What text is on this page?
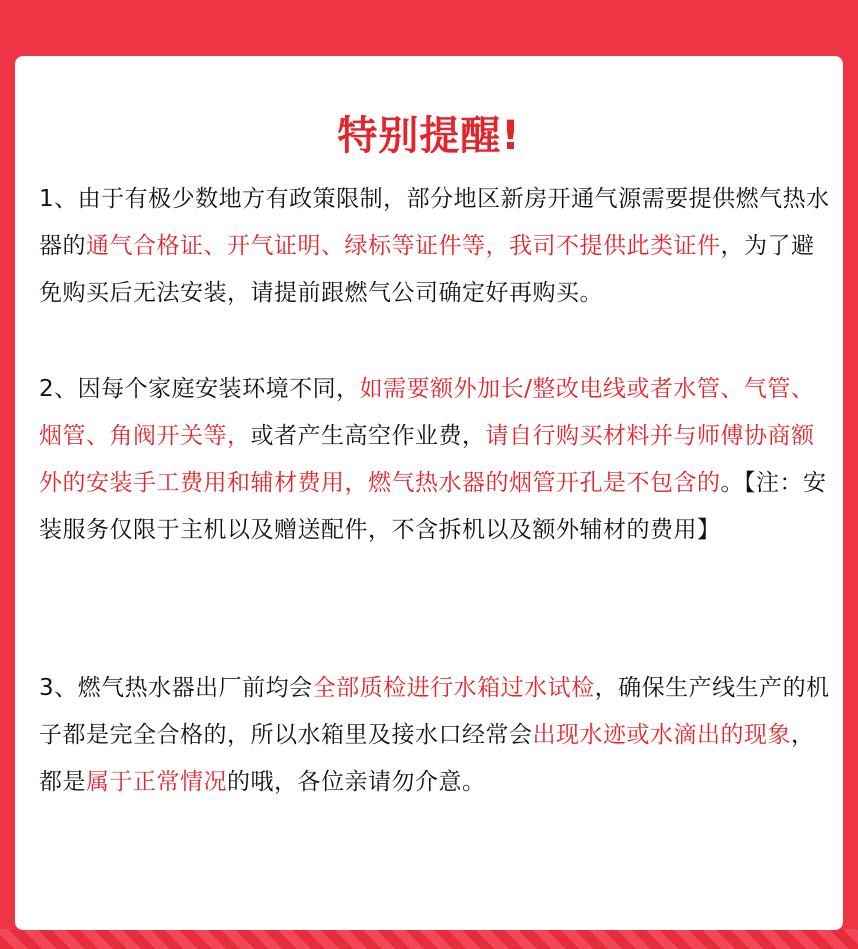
特别提醒!
1、由于有极少数地方有政策限制，部分地区新房开通气源需要提供燃气热水器的通气合格证、开气证明、绿标等证件等，我司不提供此类证件，为了避免购买后无法安装，请提前跟燃气公司确定好再购买。
2、因每个家庭安装环境不同，如需要额外加长/整改电线或者水管、气管、烟管、角阀开关等，或者产生高空作业费，请自行购买材料并与师傅协商额外的安装手工费用和辅材费用，燃气热水器的烟管开孔是不包含的。【注：安装服务仅限于主机以及赠送配件，不含拆机以及额外辅材的费用】
3、燃气热水器出厂前均会全部质检进行水箱过水试检，确保生产线生产的机子都是完全合格的，所以水箱里及接水口经常会出现水迹或水滴出的现象，都是属于正常情况的哦，各位亲请勿介意。
